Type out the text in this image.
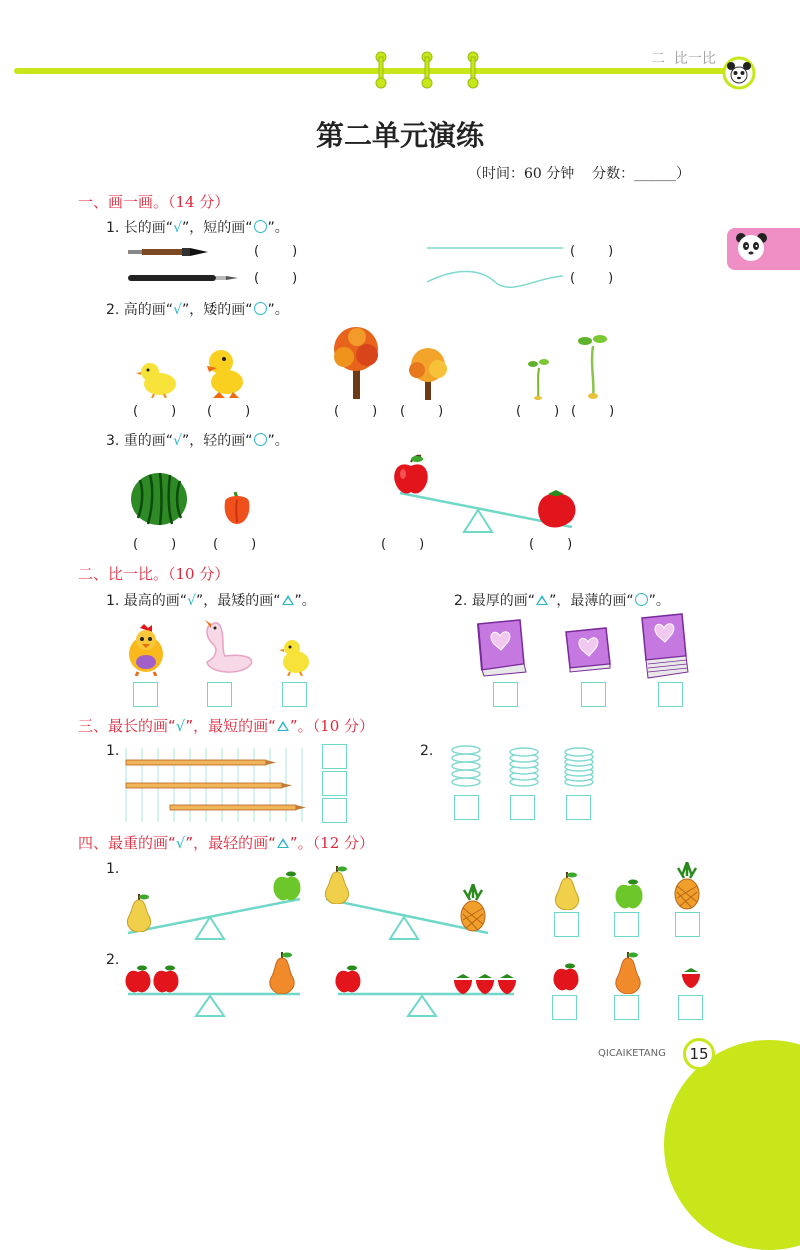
二  比一比
第二单元演练
（时间：60 分钟    分数：______）
一、画一画。（14 分）
1. 长的画“√”，短的画“○”。
(        )
(        )
(        )
(        )
2. 高的画“√”，矮的画“○”。
(        ) (        )	(        ) (        )	(        ) (        )
3. 重的画“√”，轻的画“○”。
(        )	(        )	(        )	(        )
二、比一比。（10 分）
1. 最高的画“√”，最矮的画“ ”。	2. 最厚的画“ ”，最薄的画“○”。
三、最长的画“√”，最短的画“ ”。（10 分）
1.	2.
四、最重的画“√”，最轻的画“ ”。（12 分）
1.
2.
QICAIKETANG	15
